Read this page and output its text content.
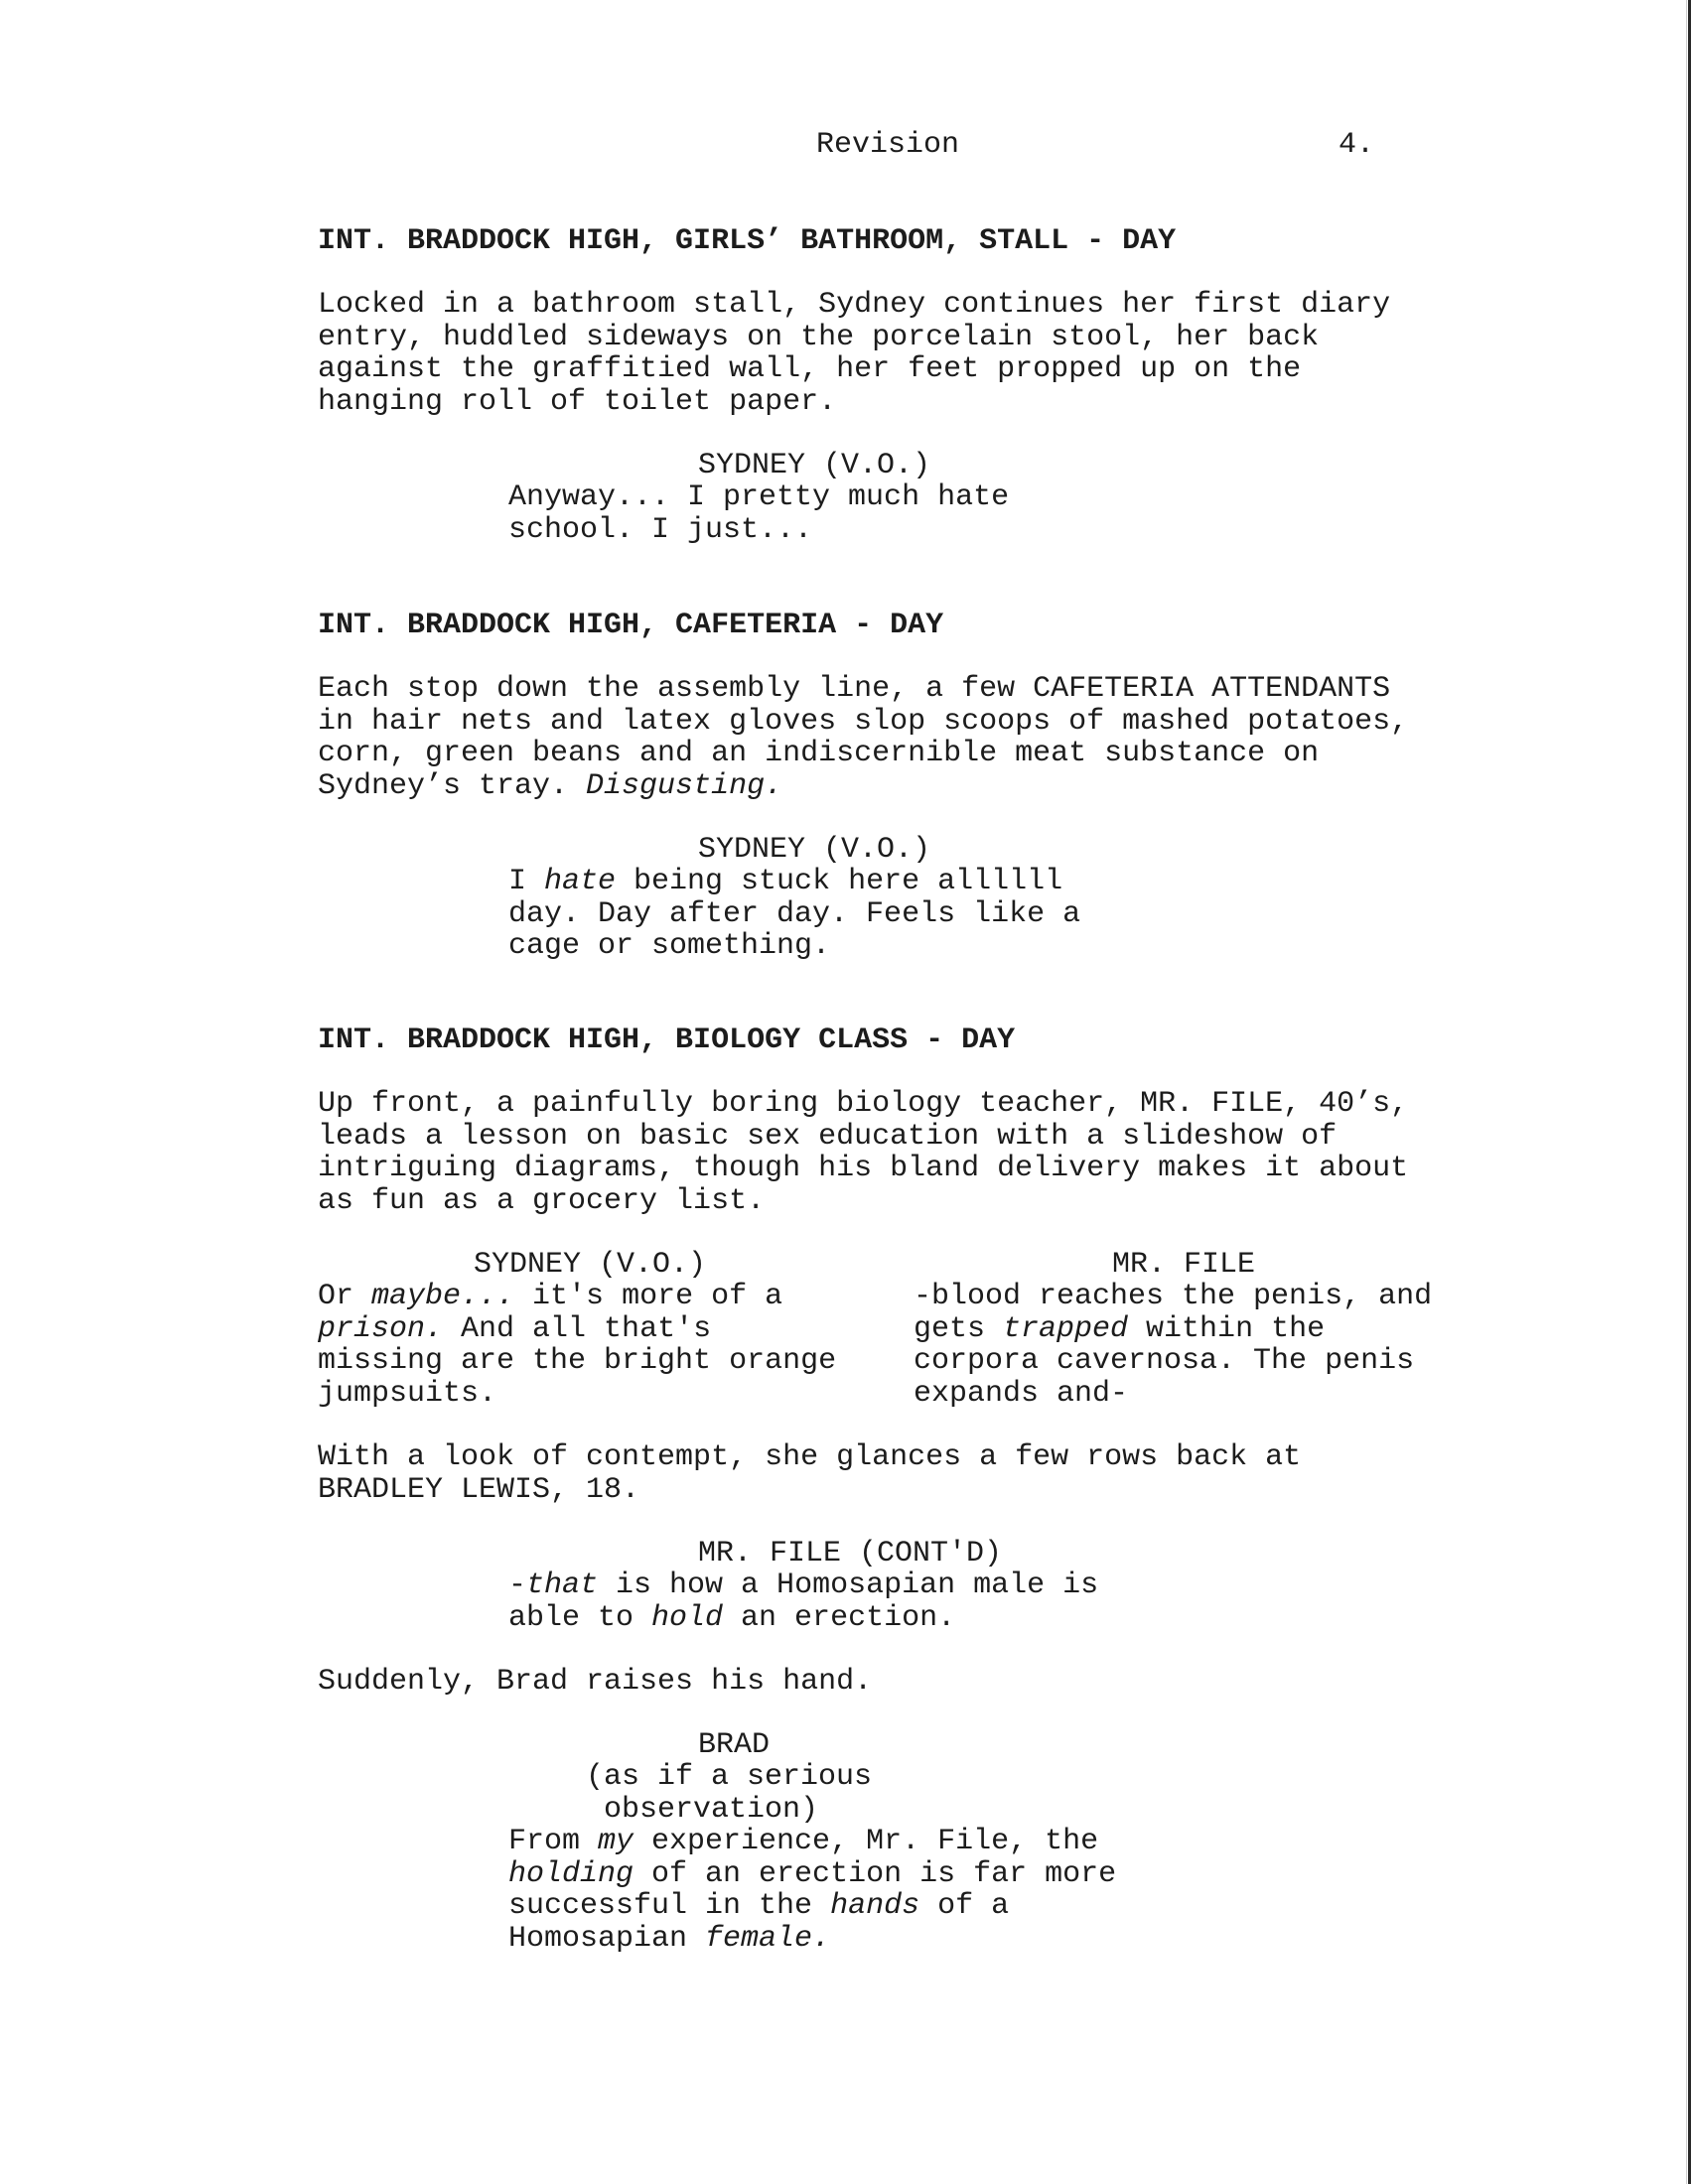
Revision	4.
INT. BRADDOCK HIGH, GIRLS’ BATHROOM, STALL - DAY
Locked in a bathroom stall, Sydney continues her first diary
entry, huddled sideways on the porcelain stool, her back
against the graffitied wall, her feet propped up on the
hanging roll of toilet paper.
SYDNEY (V.O.)
Anyway... I pretty much hate
school. I just...
INT. BRADDOCK HIGH, CAFETERIA - DAY
Each stop down the assembly line, a few CAFETERIA ATTENDANTS
in hair nets and latex gloves slop scoops of mashed potatoes,
corn, green beans and an indiscernible meat substance on
Sydney’s tray. Disgusting.
SYDNEY (V.O.)
I hate being stuck here allllll
day. Day after day. Feels like a
cage or something.
INT. BRADDOCK HIGH, BIOLOGY CLASS - DAY
Up front, a painfully boring biology teacher, MR. FILE, 40’s,
leads a lesson on basic sex education with a slideshow of
intriguing diagrams, though his bland delivery makes it about
as fun as a grocery list.
SYDNEY (V.O.)
Or maybe... it's more of a
prison. And all that's
missing are the bright orange
jumpsuits.
MR. FILE
-blood reaches the penis, and
gets trapped within the
corpora cavernosa. The penis
expands and-
With a look of contempt, she glances a few rows back at
BRADLEY LEWIS, 18.
MR. FILE (CONT'D)
-that is how a Homosapian male is
able to hold an erection.
Suddenly, Brad raises his hand.
BRAD
(as if a serious
observation)
From my experience, Mr. File, the
holding of an erection is far more
successful in the hands of a
Homosapian female.
